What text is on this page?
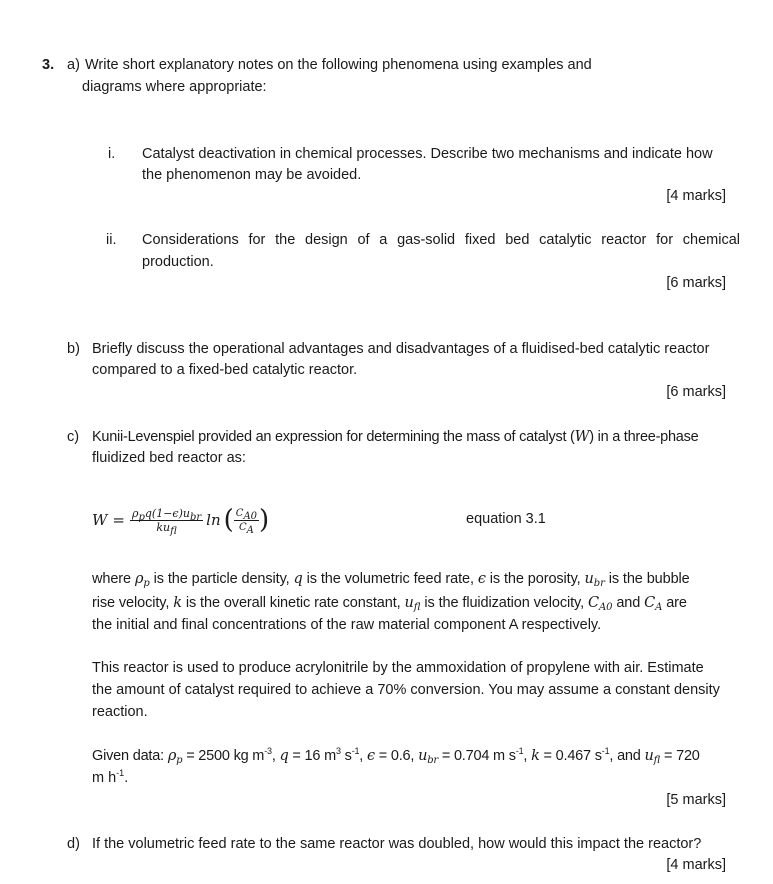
3. a) Write short explanatory notes on the following phenomena using examples and
diagrams where appropriate:
i. Catalyst deactivation in chemical processes. Describe two mechanisms and indicate how
the phenomenon may be avoided.
[4 marks]
ii. Considerations for the design of a gas-solid fixed bed catalytic reactor for chemical
production.
[6 marks]
b) Briefly discuss the operational advantages and disadvantages of a fluidised-bed catalytic reactor
compared to a fixed-bed catalytic reactor.
[6 marks]
c) Kunii-Levenspiel provided an expression for determining the mass of catalyst (W) in a three-phase
fluidized bed reactor as:
$W = \frac{\rho_pq(1-\epsilon)u_{br}}{ku_{fl}}$ ln ( $\frac{C_{A0}}{C_A}$ )	equation 3.1
where $\rho_p$ is the particle density, q is the volumetric feed rate, ϵ is the porosity, $u_{br}$ is the bubble
rise velocity, k is the overall kinetic rate constant, $u_{fl}$ is the fluidization velocity, $C_{A0}$ and $C_A$ are
the initial and final concentrations of the raw material component A respectively.
This reactor is used to produce acrylonitrile by the ammoxidation of propylene with air. Estimate
the amount of catalyst required to achieve a 70% conversion. You may assume a constant density
reaction.
Given data: $\rho_p = 2500$ kg $m^{-3}$, q = 16 $m^3$ $s^{-1}$, ϵ = 0.6, $u_{br} = 0.704$ m $s^{-1}$, k = 0.467 $s^{-1}$, and $u_{fl} = 720$
m $h^{-1}$.
[5 marks]
d) If the volumetric feed rate to the same reactor was doubled, how would this impact the reactor?
[4 marks]
